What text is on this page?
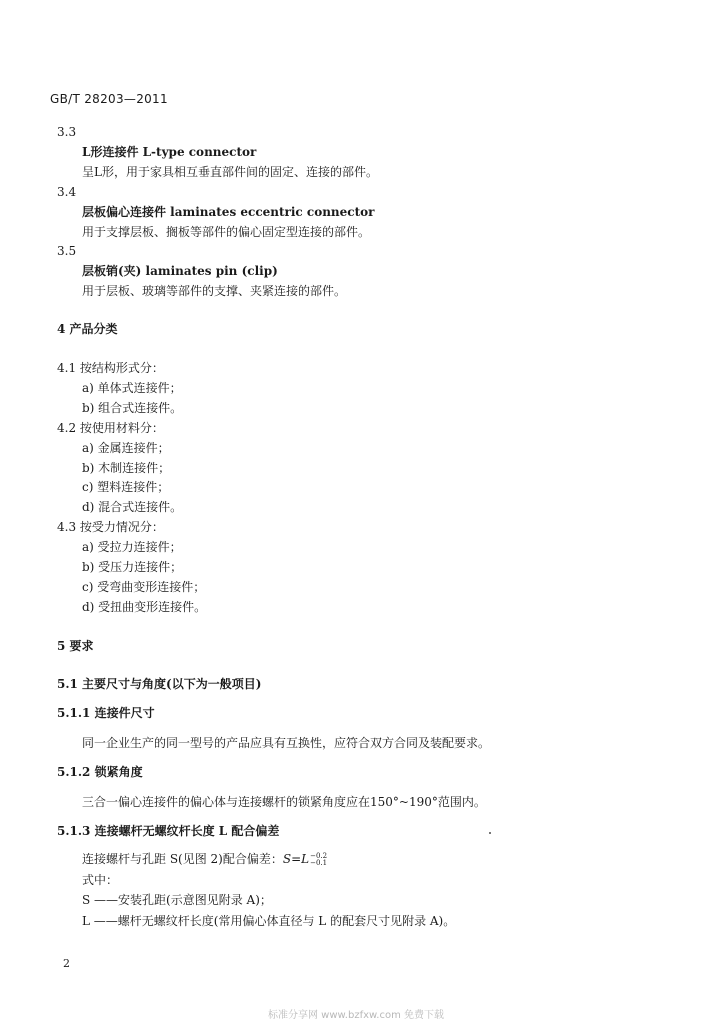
GB/T 28203—2011
3.3
L形连接件 L-type connector
呈L形，用于家具相互垂直部件间的固定、连接的部件。
3.4
层板偏心连接件 laminates eccentric connector
用于支撑层板、搁板等部件的偏心固定型连接的部件。
3.5
层板销(夹) laminates pin (clip)
用于层板、玻璃等部件的支撑、夹紧连接的部件。
4 产品分类
4.1 按结构形式分：
a) 单体式连接件；
b) 组合式连接件。
4.2 按使用材料分：
a) 金属连接件；
b) 木制连接件；
c) 塑料连接件；
d) 混合式连接件。
4.3 按受力情况分：
a) 受拉力连接件；
b) 受压力连接件；
c) 受弯曲变形连接件；
d) 受扭曲变形连接件。
5 要求
5.1 主要尺寸与角度(以下为一般项目)
5.1.1 连接件尺寸
同一企业生产的同一型号的产品应具有互换性，应符合双方合同及装配要求。
5.1.2 锁紧角度
三合一偏心连接件的偏心体与连接螺杆的锁紧角度应在150°~190°范围内。
5.1.3 连接螺杆无螺纹杆长度 L 配合偏差
连接螺杆与孔距 S(见图 2)配合偏差：S=L −0.2
−0.1
式中：
S ——安装孔距(示意图见附录 A)；
L ——螺杆无螺纹杆长度(常用偏心体直径与 L 的配套尺寸见附录 A)。
2
标准分享网 www.bzfxw.com 免费下载
